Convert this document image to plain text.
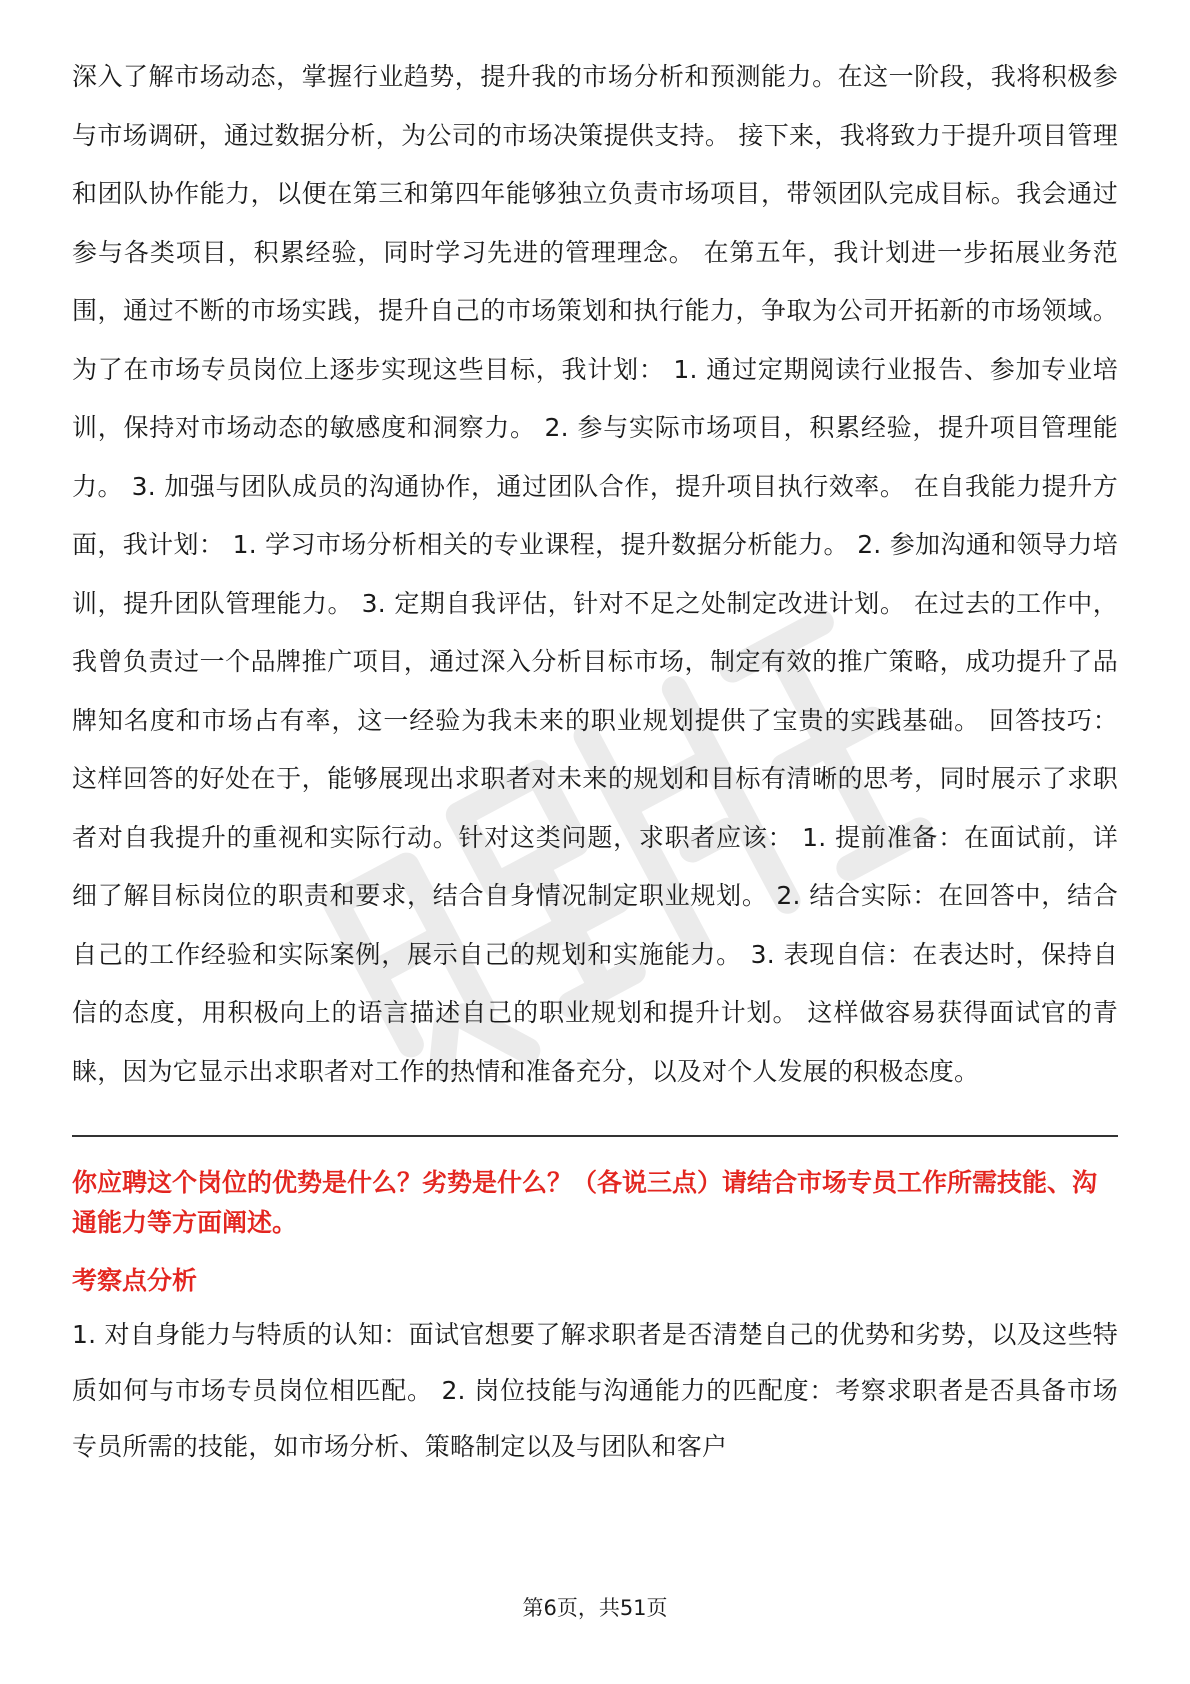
深入了解市场动态，掌握行业趋势，提升我的市场分析和预测能力。在这一阶段，我将积极参与市场调研，通过数据分析，为公司的市场决策提供支持。 接下来，我将致力于提升项目管理和团队协作能力，以便在第三和第四年能够独立负责市场项目，带领团队完成目标。我会通过参与各类项目，积累经验，同时学习先进的管理理念。 在第五年，我计划进一步拓展业务范围，通过不断的市场实践，提升自己的市场策划和执行能力，争取为公司开拓新的市场领域。 为了在市场专员岗位上逐步实现这些目标，我计划： 1. 通过定期阅读行业报告、参加专业培训，保持对市场动态的敏感度和洞察力。 2. 参与实际市场项目，积累经验，提升项目管理能力。 3. 加强与团队成员的沟通协作，通过团队合作，提升项目执行效率。 在自我能力提升方面，我计划： 1. 学习市场分析相关的专业课程，提升数据分析能力。 2. 参加沟通和领导力培训，提升团队管理能力。 3. 定期自我评估，针对不足之处制定改进计划。 在过去的工作中，我曾负责过一个品牌推广项目，通过深入分析目标市场，制定有效的推广策略，成功提升了品牌知名度和市场占有率，这一经验为我未来的职业规划提供了宝贵的实践基础。 回答技巧： 这样回答的好处在于，能够展现出求职者对未来的规划和目标有清晰的思考，同时展示了求职者对自我提升的重视和实际行动。针对这类问题，求职者应该： 1. 提前准备：在面试前，详细了解目标岗位的职责和要求，结合自身情况制定职业规划。 2. 结合实际：在回答中，结合自己的工作经验和实际案例，展示自己的规划和实施能力。 3. 表现自信：在表达时，保持自信的态度，用积极向上的语言描述自己的职业规划和提升计划。 这样做容易获得面试官的青睐，因为它显示出求职者对工作的热情和准备充分，以及对个人发展的积极态度。

你应聘这个岗位的优势是什么？劣势是什么？（各说三点）请结合市场专员工作所需技能、沟通能力等方面阐述。
考察点分析

1. 对自身能力与特质的认知：面试官想要了解求职者是否清楚自己的优势和劣势，以及这些特质如何与市场专员岗位相匹配。 2. 岗位技能与沟通能力的匹配度：考察求职者是否具备市场专员所需的技能，如市场分析、策略制定以及与团队和客户

第6页，共51页
